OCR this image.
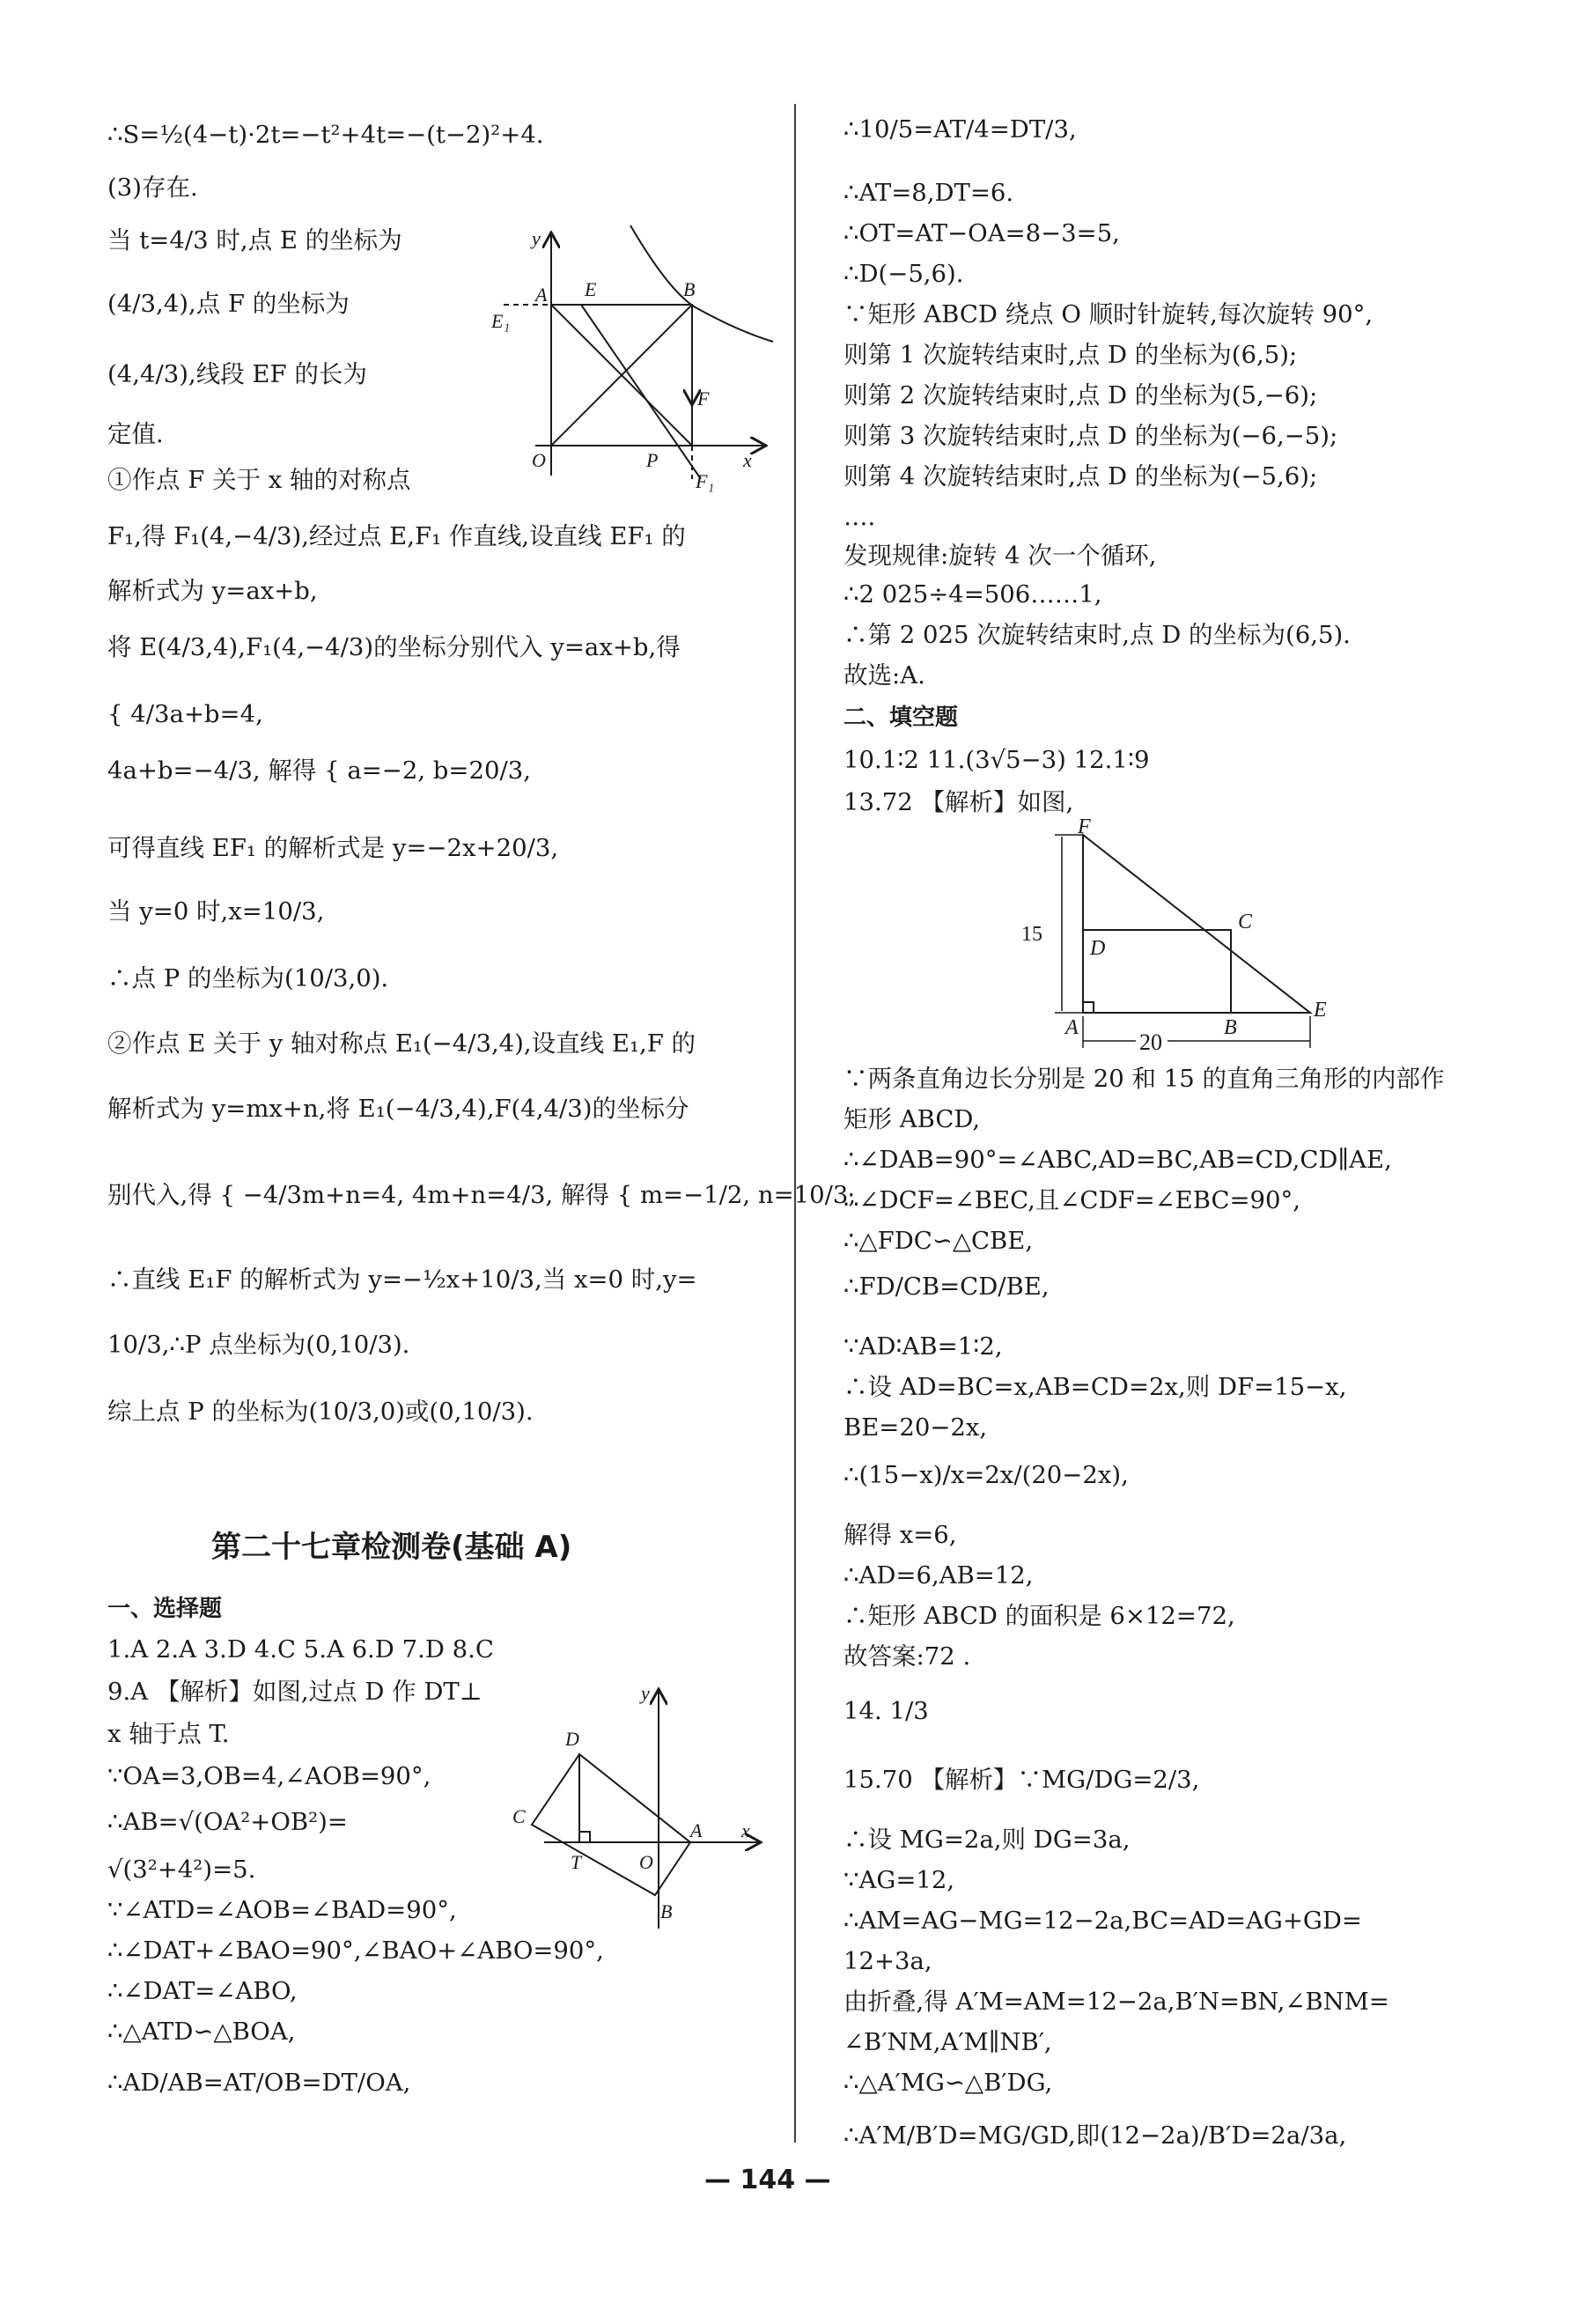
∴S=½(4−t)·2t=−t²+4t=−(t−2)²+4.
(3)存在.
当 t=4/3 时,点 E 的坐标为
(4/3,4),点 F 的坐标为
(4,4/3),线段 EF 的长为
定值.
①作点 F 关于 x 轴的对称点
F₁,得 F₁(4,−4/3),经过点 E,F₁ 作直线,设直线 EF₁ 的
解析式为 y=ax+b,
将 E(4/3,4),F₁(4,−4/3)的坐标分别代入 y=ax+b,得
{ 4/3a+b=4,
4a+b=−4/3, 解得 { a=−2, b=20/3,
可得直线 EF₁ 的解析式是 y=−2x+20/3,
当 y=0 时,x=10/3,
∴点 P 的坐标为(10/3,0).
②作点 E 关于 y 轴对称点 E₁(−4/3,4),设直线 E₁,F 的
解析式为 y=mx+n,将 E₁(−4/3,4),F(4,4/3)的坐标分
别代入,得 { −4/3m+n=4, 4m+n=4/3, 解得 { m=−1/2, n=10/3,
∴直线 E₁F 的解析式为 y=−½x+10/3,当 x=0 时,y=
10/3,∴P 点坐标为(0,10/3).
综上点 P 的坐标为(10/3,0)或(0,10/3).
第二十七章检测卷(基础 A)
一、选择题
1.A 2.A 3.D 4.C 5.A 6.D 7.D 8.C
9.A 【解析】如图,过点 D 作 DT⊥
x 轴于点 T.
∵OA=3,OB=4,∠AOB=90°,
∴AB=√(OA²+OB²)=
√(3²+4²)=5.
∵∠ATD=∠AOB=∠BAD=90°,
∴∠DAT+∠BAO=90°,∠BAO+∠ABO=90°,
∴∠DAT=∠ABO,
∴△ATD∽△BOA,
∴AD/AB=AT/OB=DT/OA,
y
A E	B
E₁
F
O	P	x
F₁
y
D
C
T	O
A x
B
∴10/5=AT/4=DT/3,
∴AT=8,DT=6.
∴OT=AT−OA=8−3=5,
∴D(−5,6).
∵矩形 ABCD 绕点 O 顺时针旋转,每次旋转 90°,
则第 1 次旋转结束时,点 D 的坐标为(6,5);
则第 2 次旋转结束时,点 D 的坐标为(5,−6);
则第 3 次旋转结束时,点 D 的坐标为(−6,−5);
则第 4 次旋转结束时,点 D 的坐标为(−5,6);
….
发现规律:旋转 4 次一个循环,
∴2 025÷4=506……1,
∴第 2 025 次旋转结束时,点 D 的坐标为(6,5).
故选:A.
二、填空题
10.1∶2 11.(3√5−3) 12.1∶9
13.72 【解析】如图,
∵两条直角边长分别是 20 和 15 的直角三角形的内部作
矩形 ABCD,
∴∠DAB=90°=∠ABC,AD=BC,AB=CD,CD∥AE,
∴∠DCF=∠BEC,且∠CDF=∠EBC=90°,
∴△FDC∽△CBE,
∴FD/CB=CD/BE,
∵AD∶AB=1∶2,
∴设 AD=BC=x,AB=CD=2x,则 DF=15−x,
BE=20−2x,
∴(15−x)/x=2x/(20−2x),
解得 x=6,
∴AD=6,AB=12,
∴矩形 ABCD 的面积是 6×12=72,
故答案:72 .
14. 1/3
15.70 【解析】∵MG/DG=2/3,
∴设 MG=2a,则 DG=3a,
∵AG=12,
∴AM=AG−MG=12−2a,BC=AD=AG+GD=
12+3a,
由折叠,得 A′M=AM=12−2a,B′N=BN,∠BNM=
∠B′NM,A′M∥NB′,
∴△A′MG∽△B′DG,
∴A′M/B′D=MG/GD,即(12−2a)/B′D=2a/3a,
F
C
15
D
A	B
E
20
— 144 —
